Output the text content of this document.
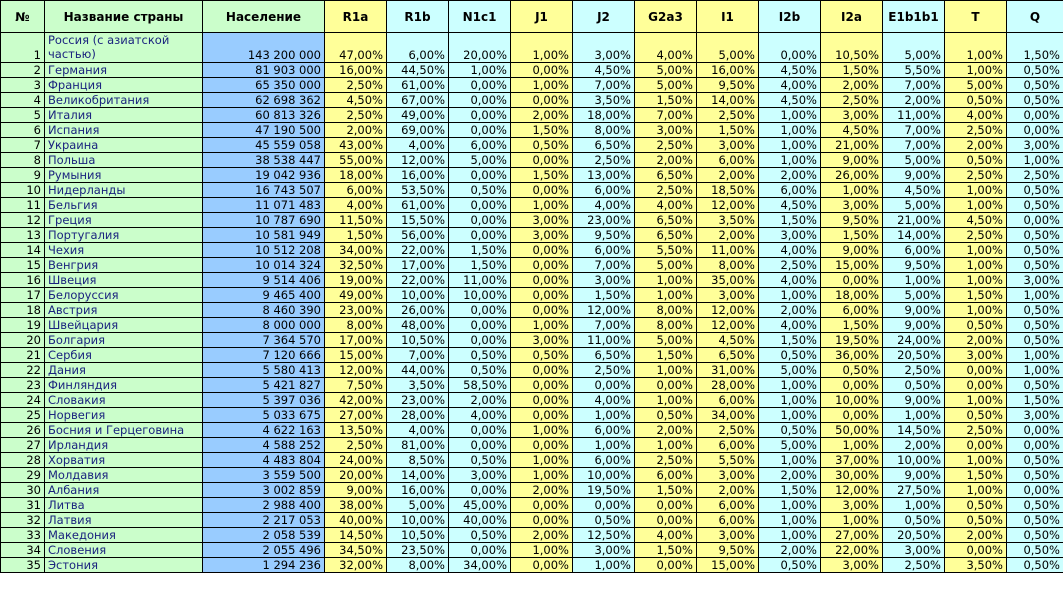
№	Название страны	Население	R1a	R1b	N1c1	J1	J2	G2a3	I1	I2b	I2a	E1b1b1	T	Q
1	Россия (с азиатской частью)	143 200 000	47,00%	6,00%	20,00%	1,00%	3,00%	4,00%	5,00%	0,00%	10,50%	5,00%	1,00%	1,50%
2	Германия	81 903 000	16,00%	44,50%	1,00%	0,00%	4,50%	5,00%	16,00%	4,50%	1,50%	5,50%	1,00%	0,50%
3	Франция	65 350 000	2,50%	61,00%	0,00%	1,00%	7,00%	5,00%	9,50%	4,00%	2,00%	7,00%	5,00%	0,50%
4	Великобритания	62 698 362	4,50%	67,00%	0,00%	0,00%	3,50%	1,50%	14,00%	4,50%	2,50%	2,00%	0,50%	0,50%
5	Италия	60 813 326	2,50%	49,00%	0,00%	2,00%	18,00%	7,00%	2,50%	1,00%	3,00%	11,00%	4,00%	0,00%
6	Испания	47 190 500	2,00%	69,00%	0,00%	1,50%	8,00%	3,00%	1,50%	1,00%	4,50%	7,00%	2,50%	0,00%
7	Украина	45 559 058	43,00%	4,00%	6,00%	0,50%	6,50%	2,50%	3,00%	1,00%	21,00%	7,00%	2,00%	3,00%
8	Польша	38 538 447	55,00%	12,00%	5,00%	0,00%	2,50%	2,00%	6,00%	1,00%	9,00%	5,00%	0,50%	1,00%
9	Румыния	19 042 936	18,00%	16,00%	0,00%	1,50%	13,00%	6,50%	2,00%	2,00%	26,00%	9,00%	2,50%	2,50%
10	Нидерланды	16 743 507	6,00%	53,50%	0,50%	0,00%	6,00%	2,50%	18,50%	6,00%	1,00%	4,50%	1,00%	0,50%
11	Бельгия	11 071 483	4,00%	61,00%	0,00%	1,00%	4,00%	4,00%	12,00%	4,50%	3,00%	5,00%	1,00%	0,50%
12	Греция	10 787 690	11,50%	15,50%	0,00%	3,00%	23,00%	6,50%	3,50%	1,50%	9,50%	21,00%	4,50%	0,00%
13	Португалия	10 581 949	1,50%	56,00%	0,00%	3,00%	9,50%	6,50%	2,00%	3,00%	1,50%	14,00%	2,50%	0,50%
14	Чехия	10 512 208	34,00%	22,00%	1,50%	0,00%	6,00%	5,50%	11,00%	4,00%	9,00%	6,00%	1,00%	0,50%
15	Венгрия	10 014 324	32,50%	17,00%	1,50%	0,00%	7,00%	5,00%	8,00%	2,50%	15,00%	9,50%	1,00%	0,50%
16	Швеция	9 514 406	19,00%	22,00%	11,00%	0,00%	3,00%	1,00%	35,00%	4,00%	0,00%	1,00%	1,00%	3,00%
17	Белоруссия	9 465 400	49,00%	10,00%	10,00%	0,00%	1,50%	1,00%	3,00%	1,00%	18,00%	5,00%	1,50%	1,00%
18	Австрия	8 460 390	23,00%	26,00%	0,00%	0,00%	12,00%	8,00%	12,00%	2,00%	6,00%	9,00%	1,00%	0,50%
19	Швейцария	8 000 000	8,00%	48,00%	0,00%	1,00%	7,00%	8,00%	12,00%	4,00%	1,50%	9,00%	0,50%	0,50%
20	Болгария	7 364 570	17,00%	10,50%	0,00%	3,00%	11,00%	5,00%	4,50%	1,50%	19,50%	24,00%	2,00%	0,50%
21	Сербия	7 120 666	15,00%	7,00%	0,50%	0,50%	6,50%	1,50%	6,50%	0,50%	36,00%	20,50%	3,00%	1,00%
22	Дания	5 580 413	12,00%	44,00%	0,50%	0,00%	2,50%	1,00%	31,00%	5,00%	0,50%	2,50%	0,00%	1,00%
23	Финляндия	5 421 827	7,50%	3,50%	58,50%	0,00%	0,00%	0,00%	28,00%	1,00%	0,00%	0,50%	0,00%	0,50%
24	Словакия	5 397 036	42,00%	23,00%	2,00%	0,00%	4,00%	1,00%	6,00%	1,00%	10,00%	9,00%	1,00%	1,50%
25	Норвегия	5 033 675	27,00%	28,00%	4,00%	0,00%	1,00%	0,50%	34,00%	1,00%	0,00%	1,00%	0,50%	3,00%
26	Босния и Герцеговина	4 622 163	13,50%	4,00%	0,00%	1,00%	6,00%	2,00%	2,50%	0,50%	50,00%	14,50%	2,50%	0,00%
27	Ирландия	4 588 252	2,50%	81,00%	0,00%	0,00%	1,00%	1,00%	6,00%	5,00%	1,00%	2,00%	0,00%	0,00%
28	Хорватия	4 483 804	24,00%	8,50%	0,50%	1,00%	6,00%	2,50%	5,50%	1,00%	37,00%	10,00%	1,00%	0,50%
29	Молдавия	3 559 500	20,00%	14,00%	3,00%	1,00%	10,00%	6,00%	3,00%	2,00%	30,00%	9,00%	1,50%	0,50%
30	Албания	3 002 859	9,00%	16,00%	0,00%	2,00%	19,50%	1,50%	2,00%	1,50%	12,00%	27,50%	1,00%	0,00%
31	Литва	2 988 400	38,00%	5,00%	45,00%	0,00%	0,00%	0,00%	6,00%	1,00%	3,00%	1,00%	0,50%	0,50%
32	Латвия	2 217 053	40,00%	10,00%	40,00%	0,00%	0,50%	0,00%	6,00%	1,00%	1,00%	0,50%	0,50%	0,50%
33	Македония	2 058 539	14,50%	10,50%	0,50%	2,00%	12,50%	4,00%	3,00%	1,00%	27,00%	20,50%	2,00%	0,50%
34	Словения	2 055 496	34,50%	23,50%	0,00%	1,00%	3,00%	1,50%	9,50%	2,00%	22,00%	3,00%	0,00%	0,50%
35	Эстония	1 294 236	32,00%	8,00%	34,00%	0,00%	1,00%	0,00%	15,00%	0,50%	3,00%	2,50%	3,50%	0,50%
